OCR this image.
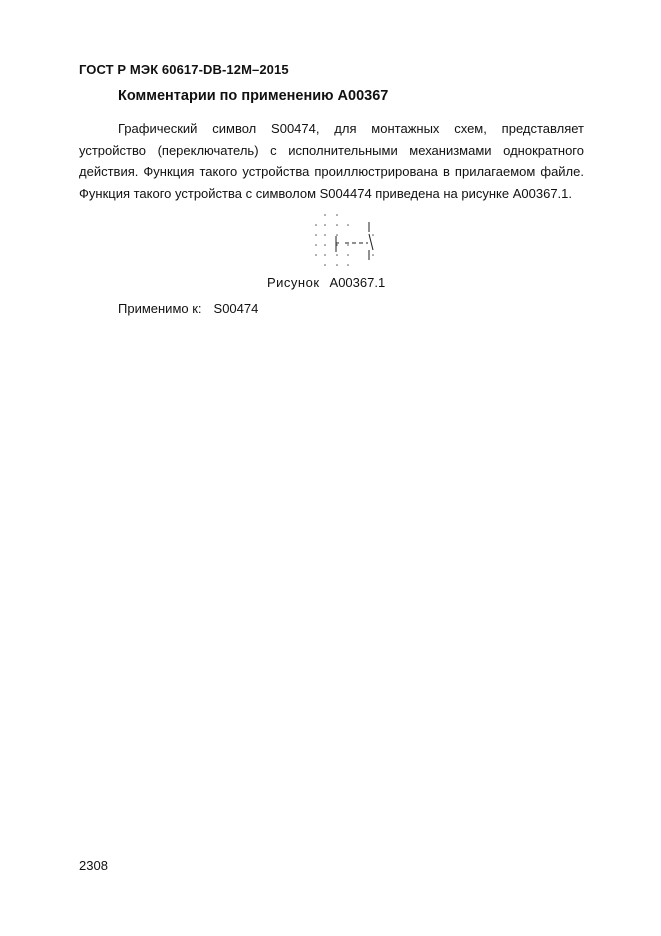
ГОСТ Р МЭК 60617-DB-12M–2015
Комментарии по применению A00367
Графический символ S00474, для монтажных схем, представляет устройство (переключатель) с исполнительными механизмами однократного действия. Функция такого устройства проиллюстрирована в прилагаемом файле. Функция такого устройства с символом S004474 приведена на рисунке A00367.1.
Рисунок A00367.1
Применимо к: S00474
2308
